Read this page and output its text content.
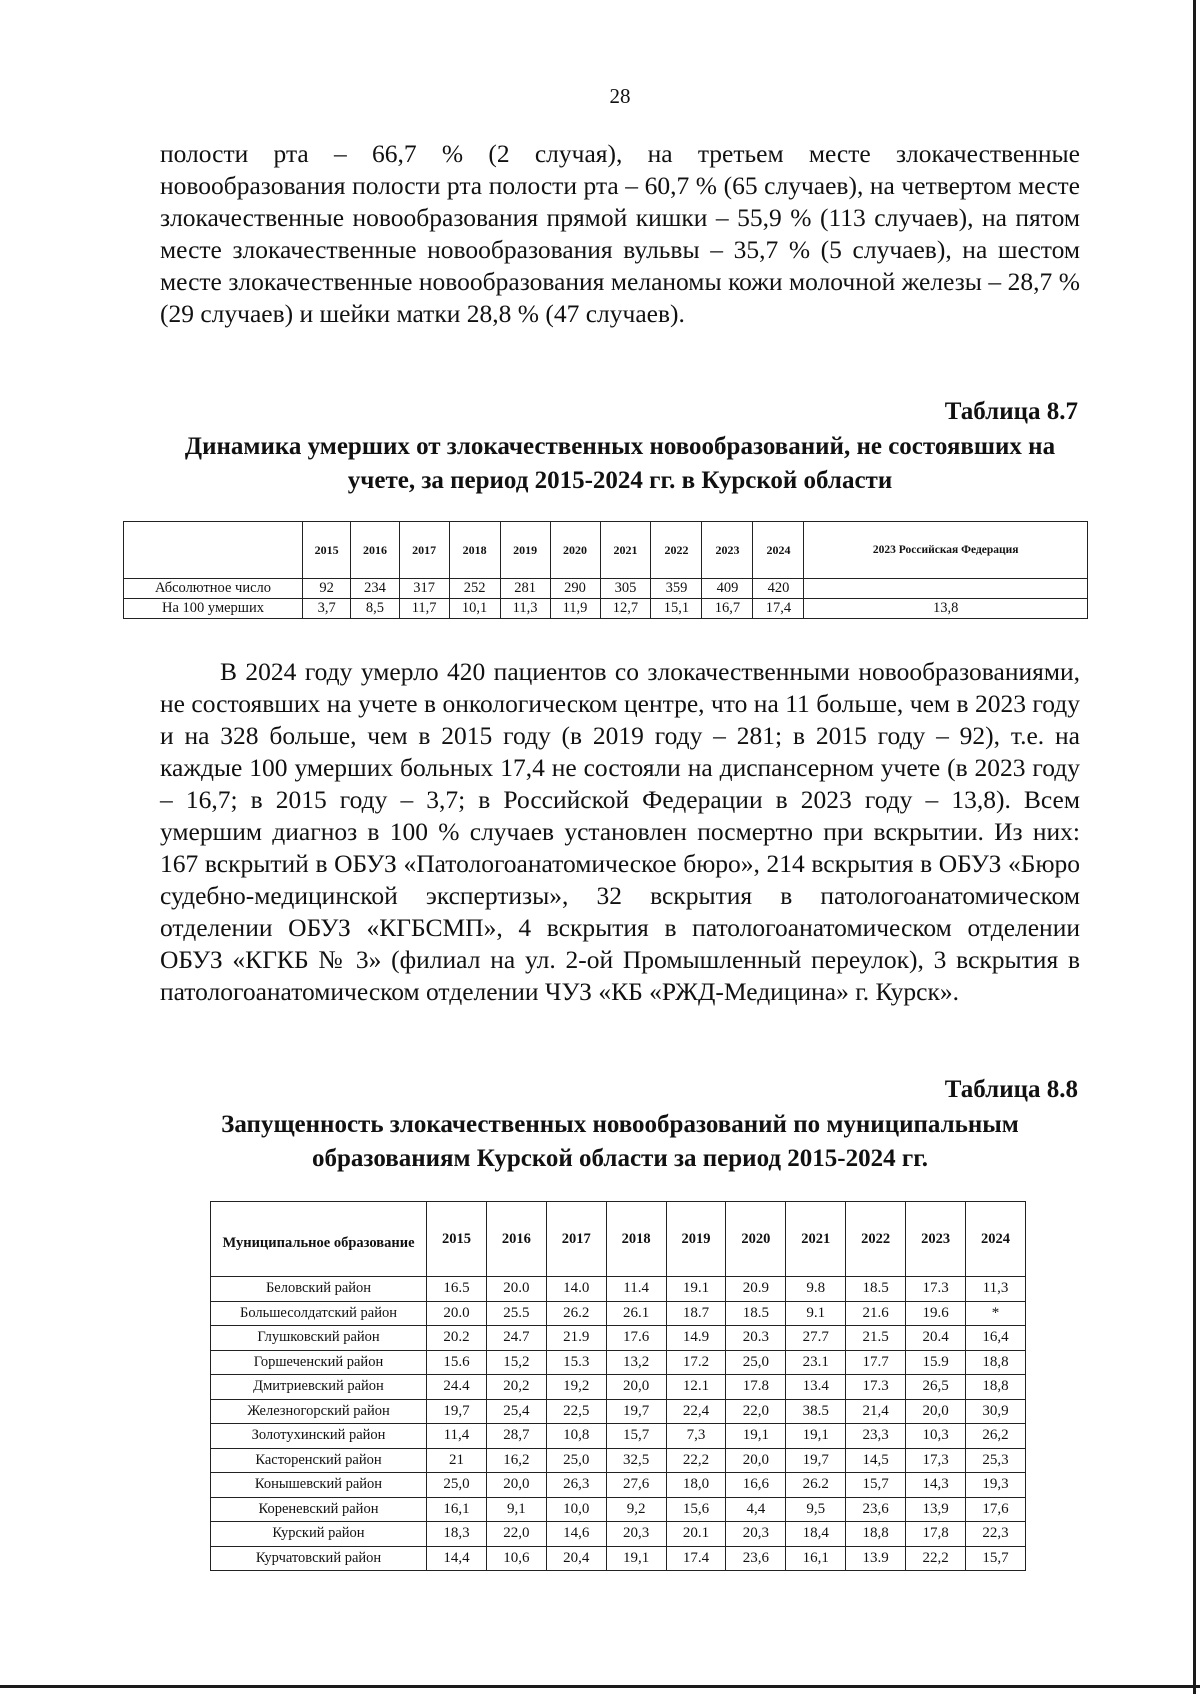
28

полости рта – 66,7 % (2 случая), на третьем месте злокачественные новообразования полости рта полости рта – 60,7 % (65 случаев), на четвертом месте злокачественные новообразования прямой кишки – 55,9 % (113 случаев), на пятом месте злокачественные новообразования вульвы – 35,7 % (5 случаев), на шестом месте злокачественные новообразования меланомы кожи молочной железы – 28,7 % (29 случаев) и шейки матки 28,8 % (47 случаев).

Таблица 8.7
Динамика умерших от злокачественных новообразований, не состоявших на учете, за период 2015-2024 гг. в Курской области
	2015	2016	2017	2018	2019	2020	2021	2022	2023	2024	2023 Российская Федерация
Абсолютное число	92	234	317	252	281	290	305	359	409	420	
На 100 умерших	3,7	8,5	11,7	10,1	11,3	11,9	12,7	15,1	16,7	17,4	13,8

В 2024 году умерло 420 пациентов со злокачественными новообразованиями, не состоявших на учете в онкологическом центре, что на 11 больше, чем в 2023 году и на 328 больше, чем в 2015 году (в 2019 году – 281; в 2015 году – 92), т.е. на каждые 100 умерших больных 17,4 не состояли на диспансерном учете (в 2023 году – 16,7; в 2015 году – 3,7; в Российской Федерации в 2023 году – 13,8). Всем умершим диагноз в 100 % случаев установлен посмертно при вскрытии. Из них: 167 вскрытий в ОБУЗ «Патологоанатомическое бюро», 214 вскрытия в ОБУЗ «Бюро судебно-медицинской экспертизы», 32 вскрытия в патологоанатомическом отделении ОБУЗ «КГБСМП», 4 вскрытия в патологоанатомическом отделении ОБУЗ «КГКБ № 3» (филиал на ул. 2-ой Промышленный переулок), 3 вскрытия в патологоанатомическом отделении ЧУЗ «КБ «РЖД-Медицина» г. Курск».

Таблица 8.8
Запущенность злокачественных новообразований по муниципальным образованиям Курской области за период 2015-2024 гг.
Муниципальное образование	2015	2016	2017	2018	2019	2020	2021	2022	2023	2024
Беловский район	16.5	20.0	14.0	11.4	19.1	20.9	9.8	18.5	17.3	11,3
Большесолдатский район	20.0	25.5	26.2	26.1	18.7	18.5	9.1	21.6	19.6	*
Глушковский район	20.2	24.7	21.9	17.6	14.9	20.3	27.7	21.5	20.4	16,4
Горшеченский район	15.6	15,2	15.3	13,2	17.2	25,0	23.1	17.7	15.9	18,8
Дмитриевский район	24.4	20,2	19,2	20,0	12.1	17.8	13.4	17.3	26,5	18,8
Железногорский район	19,7	25,4	22,5	19,7	22,4	22,0	38.5	21,4	20,0	30,9
Золотухинский район	11,4	28,7	10,8	15,7	7,3	19,1	19,1	23,3	10,3	26,2
Касторенский район	21	16,2	25,0	32,5	22,2	20,0	19,7	14,5	17,3	25,3
Конышевский район	25,0	20,0	26,3	27,6	18,0	16,6	26.2	15,7	14,3	19,3
Кореневский район	16,1	9,1	10,0	9,2	15,6	4,4	9,5	23,6	13,9	17,6
Курский район	18,3	22,0	14,6	20,3	20.1	20,3	18,4	18,8	17,8	22,3
Курчатовский район	14,4	10,6	20,4	19,1	17.4	23,6	16,1	13.9	22,2	15,7
